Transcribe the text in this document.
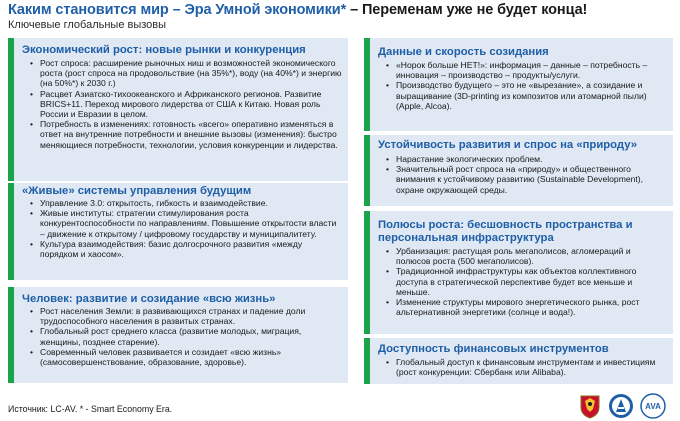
Каким становится мир – Эра Умной экономики* – Переменам уже не будет конца!
Ключевые глобальные вызовы
Экономический рост: новые рынки и конкуренция
• Рост спроса: расширение рыночных ниш и возможностей экономического роста (рост спроса на продовольствие (на 35%*), воду (на 40%*) и энергию (на 50%*) к 2030 г.)
• Расцвет Азиатско-тихоокеанского и Африканского регионов. Развитие BRICS+11. Переход мирового лидерства от США к Китаю. Новая роль России и Евразии в целом.
• Потребность в изменениях: готовность «всего» оперативно изменяться в ответ на внутренние потребности и внешние вызовы (изменения): быстро меняющиеся потребности, технологии, условия конкуренции и лидерства.
«Живые» системы управления будущим
• Управление 3.0: открытость, гибкость и взаимодействие.
• Живые институты: стратегии стимулирования роста конкурентоспособности по направлениям. Повышение открытости власти – движение к открытому / цифровому государству и муниципалитету.
• Культура взаимодействия: базис долгосрочного развития «между порядком и хаосом».
Человек: развитие и созидание «всю жизнь»
• Рост населения Земли: в развивающихся странах и падение доли трудоспособного населения в развитых странах.
• Глобальный рост среднего класса (развитие молодых, миграция, женщины, позднее старение).
• Современный человек развивается и созидает «всю жизнь» (самосовершенствование, образование, здоровье).
Данные и скорость созидания
• «Норок больше НЕТ!»: информация – данные – потребность – инновация – производство – продукты/услуги.
• Производство будущего – это не «вырезание», а созидание и выращивание (3D-printing из композитов или атомарной пыли) (Apple, Alcoa).
Устойчивость развития и спрос на «природу»
• Нарастание экологических проблем.
• Значительный рост спроса на «природу» и общественного внимания к устойчивому развитию (Sustainable Development), охране окружающей среды.
Полюсы роста: бесшовность пространства и персональная инфраструктура
• Урбанизация: растущая роль мегаполисов, агломераций и полюсов роста (500 мегаполисов).
• Традиционной инфраструктуры как объектов коллективного доступа в стратегической перспективе будет все меньше и меньше.
• Изменение структуры мирового энергетического рынка, рост альтернативной энергетики (солнце и вода!).
Доступность финансовых инструментов
• Глобальный доступ к финансовым инструментам и инвестициям (рост конкуренции: Сбербанк или Alibaba).
Источник: LC-AV. * - Smart Economy Era.	AVA
